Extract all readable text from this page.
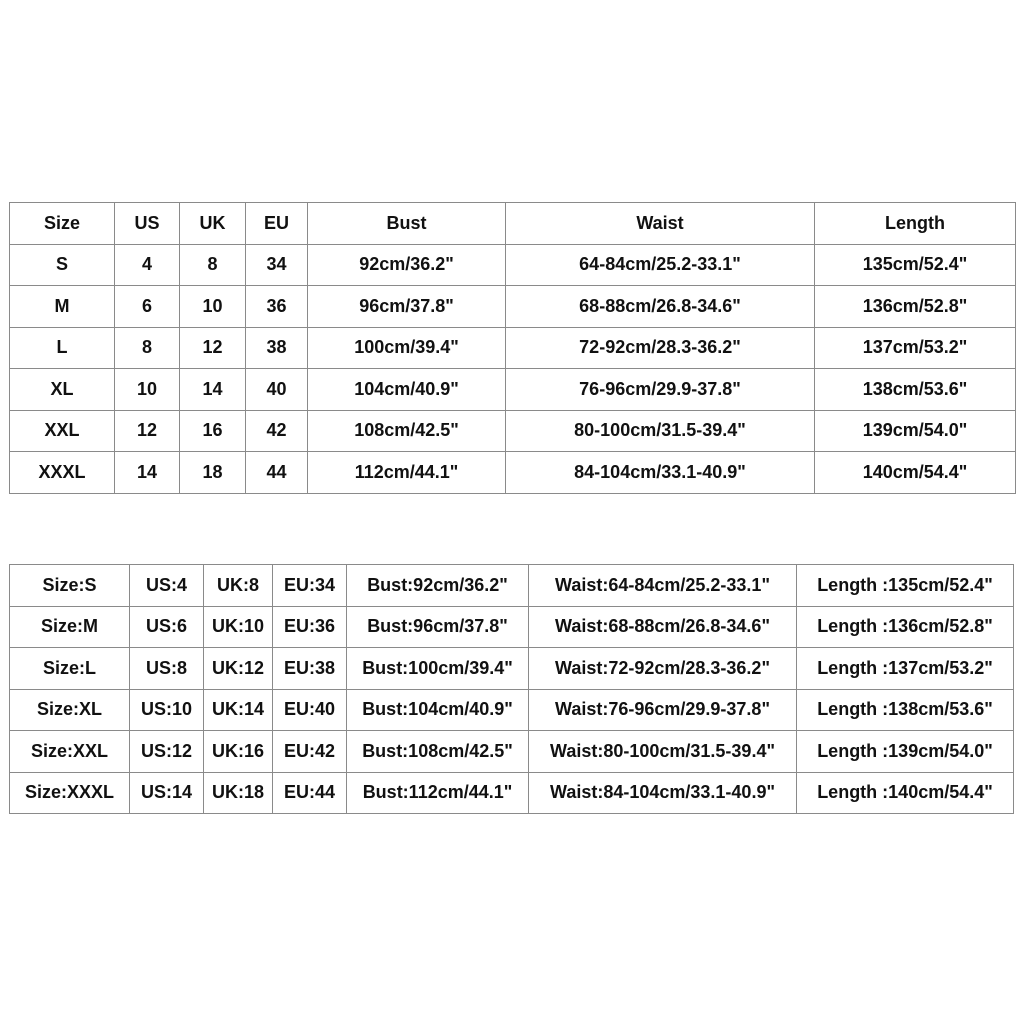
Size	US	UK	EU	Bust	Waist	Length
S	4	8	34	92cm/36.2"	64-84cm/25.2-33.1"	135cm/52.4"
M	6	10	36	96cm/37.8"	68-88cm/26.8-34.6"	136cm/52.8"
L	8	12	38	100cm/39.4"	72-92cm/28.3-36.2"	137cm/53.2"
XL	10	14	40	104cm/40.9"	76-96cm/29.9-37.8"	138cm/53.6"
XXL	12	16	42	108cm/42.5"	80-100cm/31.5-39.4"	139cm/54.0"
XXXL	14	18	44	112cm/44.1"	84-104cm/33.1-40.9"	140cm/54.4"
Size:S	US:4	UK:8	EU:34	Bust:92cm/36.2"	Waist:64-84cm/25.2-33.1"	Length :135cm/52.4"
Size:M	US:6	UK:10	EU:36	Bust:96cm/37.8"	Waist:68-88cm/26.8-34.6"	Length :136cm/52.8"
Size:L	US:8	UK:12	EU:38	Bust:100cm/39.4"	Waist:72-92cm/28.3-36.2"	Length :137cm/53.2"
Size:XL	US:10	UK:14	EU:40	Bust:104cm/40.9"	Waist:76-96cm/29.9-37.8"	Length :138cm/53.6"
Size:XXL	US:12	UK:16	EU:42	Bust:108cm/42.5"	Waist:80-100cm/31.5-39.4"	Length :139cm/54.0"
Size:XXXL	US:14	UK:18	EU:44	Bust:112cm/44.1"	Waist:84-104cm/33.1-40.9"	Length :140cm/54.4"
